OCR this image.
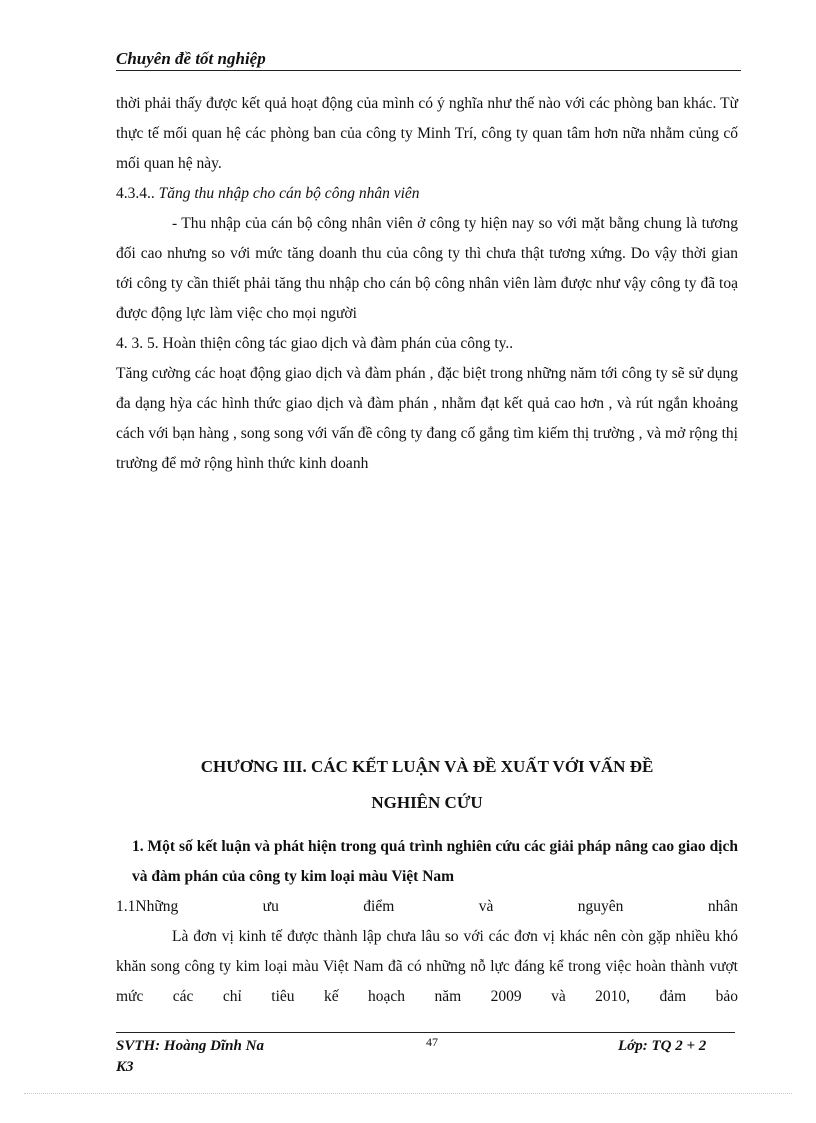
Chuyên đề tốt nghiệp

thời phải thấy được kết quả hoạt động của mình có ý nghĩa như thế nào với các phòng ban khác. Từ thực tế mối quan hệ các phòng ban của công ty Minh Trí, công ty quan tâm hơn nữa nhằm củng cố mối quan hệ này.

4.3.4.. Tăng thu nhập cho cán bộ công nhân viên

- Thu nhập của cán bộ công nhân viên ở công ty hiện nay so với mặt bằng chung là tương đối cao nhưng so với mức tăng doanh thu của công ty thì chưa thật tương xứng. Do vậy thời gian tới công ty cần thiết phải tăng thu nhập cho cán bộ công nhân viên làm được như vậy công ty đã toạ được động lực làm việc cho mọi người

4. 3. 5. Hoàn thiện công tác giao dịch và đàm phán của công ty..

Tăng cường các hoạt động giao dịch và đàm phán , đặc biệt trong những năm tới công ty sẽ sử dụng đa dạng hỳa các hình thức giao dịch và đàm phán , nhằm đạt kết quả cao hơn , và rút ngắn khoảng cách với bạn hàng , song song với vấn đề công ty đang cố gắng tìm kiếm thị trường , và mở rộng thị trường để mở rộng hình thức kinh doanh

CHƯƠNG III. CÁC KẾT LUẬN VÀ ĐỀ XUẤT VỚI VẤN ĐỀ
NGHIÊN CỨU

1. Một số kết luận và phát hiện trong quá trình nghiên cứu các giải pháp nâng cao giao dịch và đàm phán của công ty kim loại màu Việt Nam

1.1Những	ưu	điểm	và	nguyên	nhân

Là đơn vị kinh tế được thành lập chưa lâu so với các đơn vị khác nên còn gặp nhiều khó khăn song công ty kim loại màu Việt Nam đã có những nỗ lực đáng kể trong việc hoàn thành vượt mức các chỉ tiêu kế hoạch năm 2009 và 2010, đảm bảo

SVTH: Hoàng Dĩnh Na
K3
47	Lớp: TQ 2 + 2
